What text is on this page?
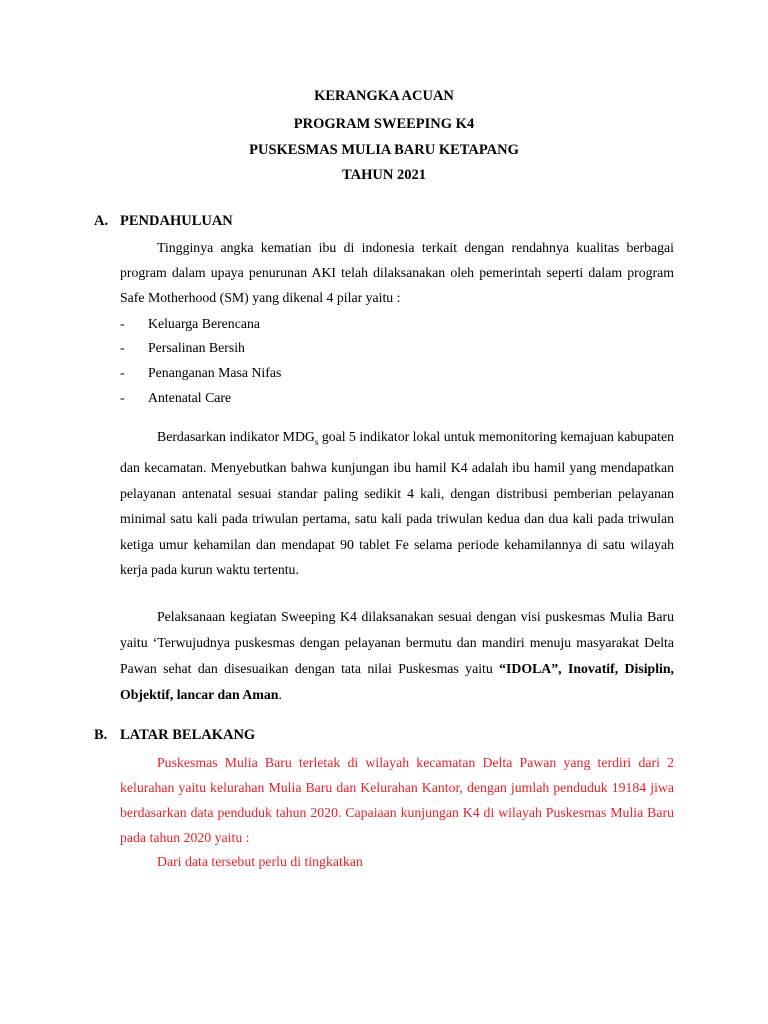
KERANGKA ACUAN
PROGRAM SWEEPING K4
PUSKESMAS MULIA BARU KETAPANG
TAHUN 2021
A. PENDAHULUAN

Tingginya angka kematian ibu di indonesia terkait dengan rendahnya kualitas berbagai program dalam upaya penurunan AKI telah dilaksanakan oleh pemerintah seperti dalam program Safe Motherhood (SM) yang dikenal 4 pilar yaitu :

- Keluarga Berencana
- Persalinan Bersih
- Penanganan Masa Nifas
- Antenatal Care

Berdasarkan indikator $MDG_s$ goal 5 indikator lokal untuk memonitoring kemajuan kabupaten dan kecamatan. Menyebutkan bahwa kunjungan ibu hamil K4 adalah ibu hamil yang mendapatkan pelayanan antenatal sesuai standar paling sedikit 4 kali, dengan distribusi pemberian pelayanan minimal satu kali pada triwulan pertama, satu kali pada triwulan kedua dan dua kali pada triwulan ketiga umur kehamilan dan mendapat 90 tablet Fe selama periode kehamilannya di satu wilayah kerja pada kurun waktu tertentu.

Pelaksanaan kegiatan Sweeping K4 dilaksanakan sesuai dengan visi puskesmas Mulia Baru yaitu ‘Terwujudnya puskesmas dengan pelayanan bermutu dan mandiri menuju masyarakat Delta Pawan sehat dan disesuaikan dengan tata nilai Puskesmas yaitu “IDOLA”, Inovatif, Disiplin, Objektif, lancar dan Aman.

B. LATAR BELAKANG

Puskesmas Mulia Baru terletak di wilayah kecamatan Delta Pawan yang terdiri dari 2 kelurahan yaitu kelurahan Mulia Baru dan Kelurahan Kantor, dengan jumlah penduduk 19184 jiwa berdasarkan data penduduk tahun 2020. Capaiaan kunjungan K4 di wilayah Puskesmas Mulia Baru pada tahun 2020 yaitu :

Dari data tersebut perlu di tingkatkan
